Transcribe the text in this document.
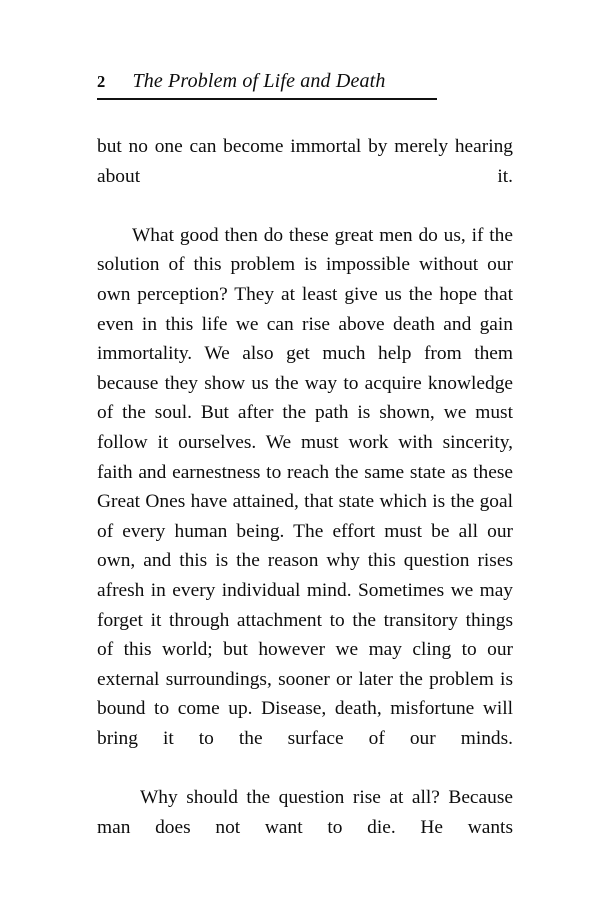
2 The Problem of Life and Death

but no one can become immortal by merely hearing about it.

What good then do these great men do us, if the solution of this problem is impossible without our own perception? They at least give us the hope that even in this life we can rise above death and gain immortality. We also get much help from them because they show us the way to acquire knowledge of the soul. But after the path is shown, we must follow it ourselves. We must work with sincerity, faith and earnestness to reach the same state as these Great Ones have attained, that state which is the goal of every human being. The effort must be all our own, and this is the reason why this question rises afresh in every individual mind. Sometimes we may forget it through attachment to the transitory things of this world; but however we may cling to our external surroundings, sooner or later the problem is bound to come up. Disease, death, misfortune will bring it to the surface of our minds.

Why should the question rise at all? Because man does not want to die. He wants
